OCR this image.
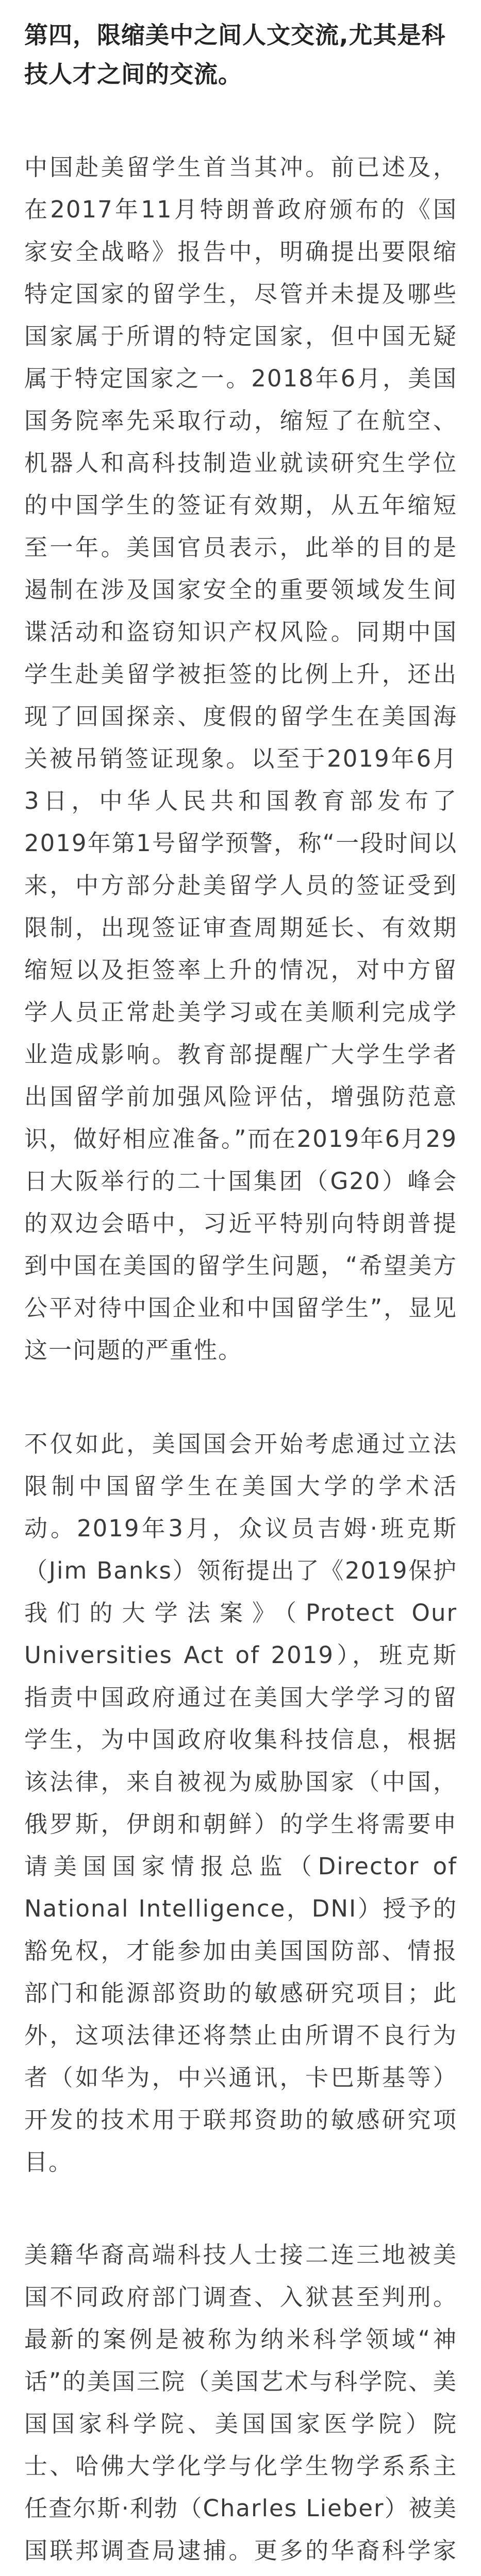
第四，限缩美中之间人文交流,尤其是科技人才之间的交流。

中国赴美留学生首当其冲。前已述及，在2017年11月特朗普政府颁布的《国家安全战略》报告中，明确提出要限缩特定国家的留学生，尽管并未提及哪些国家属于所谓的特定国家，但中国无疑属于特定国家之一。2018年6月，美国国务院率先采取行动，缩短了在航空、机器人和高科技制造业就读研究生学位的中国学生的签证有效期，从五年缩短至一年。美国官员表示，此举的目的是遏制在涉及国家安全的重要领域发生间谍活动和盗窃知识产权风险。同期中国学生赴美留学被拒签的比例上升，还出现了回国探亲、度假的留学生在美国海关被吊销签证现象。以至于2019年6月3日，中华人民共和国教育部发布了2019年第1号留学预警，称“一段时间以来，中方部分赴美留学人员的签证受到限制，出现签证审查周期延长、有效期缩短以及拒签率上升的情况，对中方留学人员正常赴美学习或在美顺利完成学业造成影响。教育部提醒广大学生学者出国留学前加强风险评估，增强防范意识，做好相应准备。”而在2019年6月29日大阪举行的二十国集团（G20）峰会的双边会晤中，习近平特别向特朗普提到中国在美国的留学生问题，“希望美方公平对待中国企业和中国留学生”，显见这一问题的严重性。

不仅如此，美国国会开始考虑通过立法限制中国留学生在美国大学的学术活动。2019年3月，众议员吉姆·班克斯（Jim Banks）领衔提出了《2019保护我们的大学法案》（Protect Our Universities Act of 2019），班克斯指责中国政府通过在美国大学学习的留学生，为中国政府收集科技信息，根据该法律，来自被视为威胁国家（中国，俄罗斯，伊朗和朝鲜）的学生将需要申请美国国家情报总监（Director of National Intelligence，DNI）授予的豁免权，才能参加由美国国防部、情报部门和能源部资助的敏感研究项目；此外，这项法律还将禁止由所谓不良行为者（如华为，中兴通讯，卡巴斯基等）开发的技术用于联邦资助的敏感研究项目。

美籍华裔高端科技人士接二连三地被美国不同政府部门调查、入狱甚至判刑。最新的案例是被称为纳米科学领域“神话”的美国三院（美国艺术与科学院、美国国家科学院、美国国家医学院）院士、哈佛大学化学与化学生物学系系主任查尔斯·利勃（Charles Lieber）被美国联邦调查局逮捕。更多的华裔科学家
